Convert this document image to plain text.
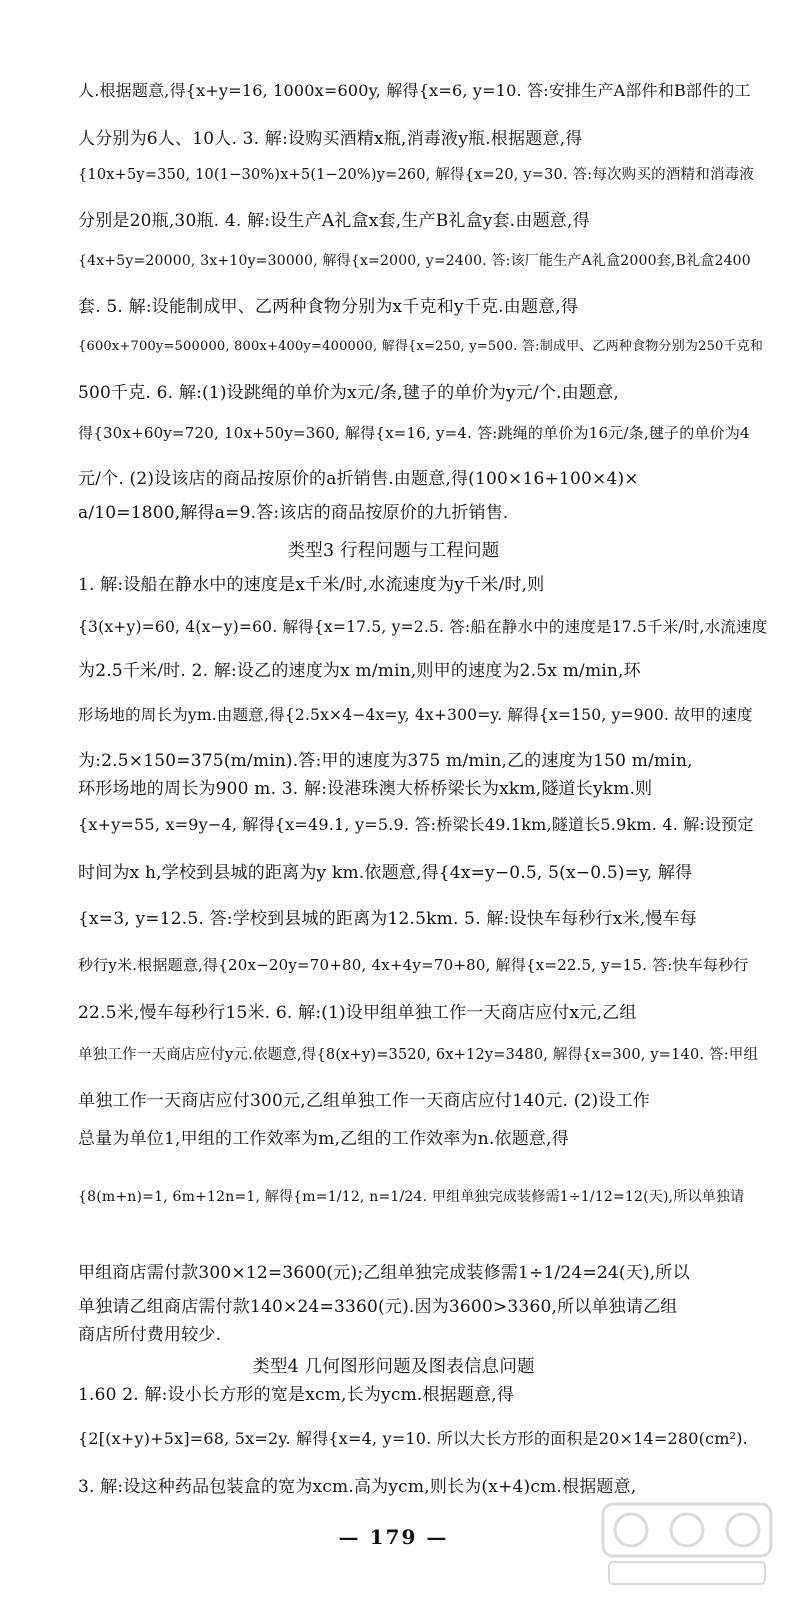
人.根据题意,得{x+y=16, 1000x=600y, 解得{x=6, y=10. 答:安排生产A部件和B部件的工
人分别为6人、10人. 3. 解:设购买酒精x瓶,消毒液y瓶.根据题意,得
{10x+5y=350, 10(1−30%)x+5(1−20%)y=260, 解得{x=20, y=30. 答:每次购买的酒精和消毒液
分别是20瓶,30瓶. 4. 解:设生产A礼盒x套,生产B礼盒y套.由题意,得
{4x+5y=20000, 3x+10y=30000, 解得{x=2000, y=2400. 答:该厂能生产A礼盒2000套,B礼盒2400
套. 5. 解:设能制成甲、乙两种食物分别为x千克和y千克.由题意,得
{600x+700y=500000, 800x+400y=400000, 解得{x=250, y=500. 答:制成甲、乙两种食物分别为250千克和
500千克. 6. 解:(1)设跳绳的单价为x元/条,毽子的单价为y元/个.由题意,
得{30x+60y=720, 10x+50y=360, 解得{x=16, y=4. 答:跳绳的单价为16元/条,毽子的单价为4
元/个. (2)设该店的商品按原价的a折销售.由题意,得(100×16+100×4)×
a/10=1800,解得a=9.答:该店的商品按原价的九折销售.
类型3 行程问题与工程问题
1. 解:设船在静水中的速度是x千米/时,水流速度为y千米/时,则
{3(x+y)=60, 4(x−y)=60. 解得{x=17.5, y=2.5. 答:船在静水中的速度是17.5千米/时,水流速度
为2.5千米/时. 2. 解:设乙的速度为x m/min,则甲的速度为2.5x m/min,环
形场地的周长为ym.由题意,得{2.5x×4−4x=y, 4x+300=y. 解得{x=150, y=900. 故甲的速度
为:2.5×150=375(m/min).答:甲的速度为375 m/min,乙的速度为150 m/min,
环形场地的周长为900 m. 3. 解:设港珠澳大桥桥梁长为xkm,隧道长ykm.则
{x+y=55, x=9y−4, 解得{x=49.1, y=5.9. 答:桥梁长49.1km,隧道长5.9km. 4. 解:设预定
时间为x h,学校到县城的距离为y km.依题意,得{4x=y−0.5, 5(x−0.5)=y, 解得
{x=3, y=12.5. 答:学校到县城的距离为12.5km. 5. 解:设快车每秒行x米,慢车每
秒行y米.根据题意,得{20x−20y=70+80, 4x+4y=70+80, 解得{x=22.5, y=15. 答:快车每秒行
22.5米,慢车每秒行15米. 6. 解:(1)设甲组单独工作一天商店应付x元,乙组
单独工作一天商店应付y元.依题意,得{8(x+y)=3520, 6x+12y=3480, 解得{x=300, y=140. 答:甲组
单独工作一天商店应付300元,乙组单独工作一天商店应付140元. (2)设工作
总量为单位1,甲组的工作效率为m,乙组的工作效率为n.依题意,得
{8(m+n)=1, 6m+12n=1, 解得{m=1/12, n=1/24. 甲组单独完成装修需1÷1/12=12(天),所以单独请
甲组商店需付款300×12=3600(元);乙组单独完成装修需1÷1/24=24(天),所以
单独请乙组商店需付款140×24=3360(元).因为3600>3360,所以单独请乙组
商店所付费用较少.
类型4 几何图形问题及图表信息问题
1.60 2. 解:设小长方形的宽是xcm,长为ycm.根据题意,得
{2[(x+y)+5x]=68, 5x=2y. 解得{x=4, y=10. 所以大长方形的面积是20×14=280(cm²).
3. 解:设这种药品包装盒的宽为xcm.高为ycm,则长为(x+4)cm.根据题意,
— 179 —
